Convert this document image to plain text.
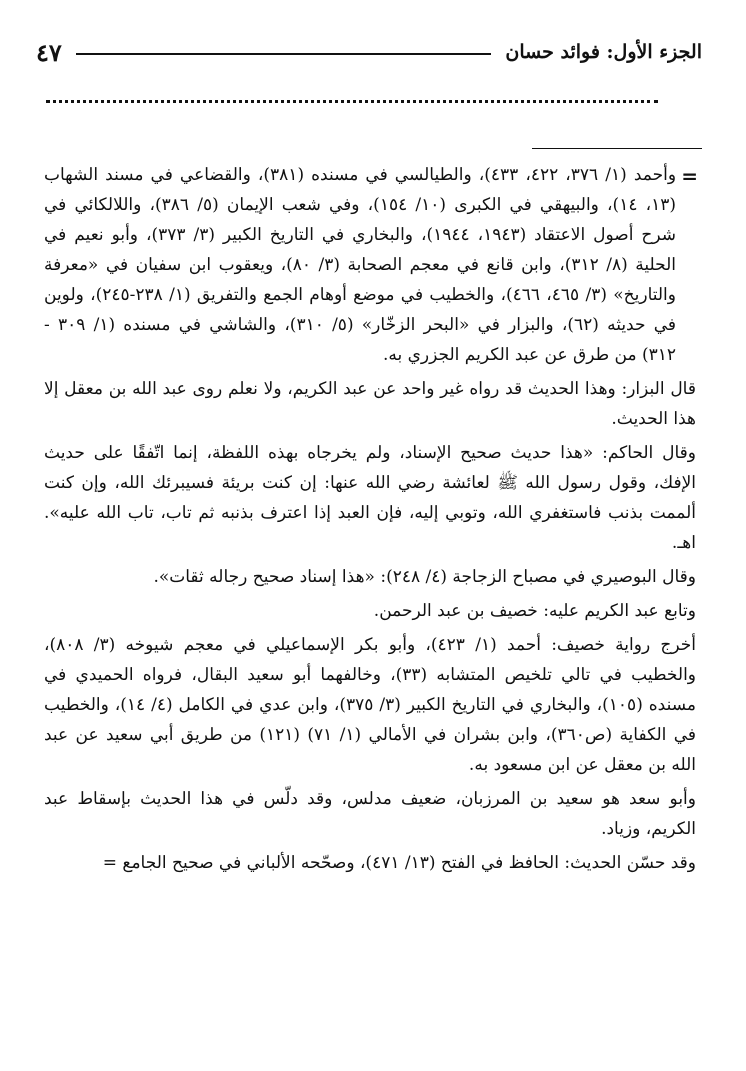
الجزء الأول: فوائد حسان
٤٧
=

وأحمد (١/ ٣٧٦، ٤٢٢، ٤٣٣)، والطيالسي في مسنده (٣٨١)، والقضاعي في مسند الشهاب (١٣، ١٤)، والبيهقي في الكبرى (١٠/ ١٥٤)، وفي شعب الإيمان (٥/ ٣٨٦)، واللالكائي في شرح أصول الاعتقاد (١٩٤٣، ١٩٤٤)، والبخاري في التاريخ الكبير (٣/ ٣٧٣)، وأبو نعيم في الحلية (٨/ ٣١٢)، وابن قانع في معجم الصحابة (٣/ ٨٠)، ويعقوب ابن سفيان في «معرفة والتاريخ» (٣/ ٤٦٥، ٤٦٦)، والخطيب في موضع أوهام الجمع والتفريق (١/ ٢٣٨-٢٤٥)، ولوين في حديثه (٦٢)، والبزار في «البحر الزخّار» (٥/ ٣١٠)، والشاشي في مسنده (١/ ٣٠٩ - ٣١٢) من طرق عن عبد الكريم الجزري به.

قال البزار: وهذا الحديث قد رواه غير واحد عن عبد الكريم، ولا نعلم روى عبد الله بن معقل إلا هذا الحديث.

وقال الحاكم: «هذا حديث صحيح الإسناد، ولم يخرجاه بهذه اللفظة، إنما اتّفقًا على حديث الإفك، وقول رسول الله ﷺ لعائشة رضي الله عنها: إن كنت بريئة فسيبرئك الله، وإن كنت ألممت بذنب فاستغفري الله، وتوبي إليه، فإن العبد إذا اعترف بذنبه ثم تاب، تاب الله عليه». اهـ.

وقال البوصيري في مصباح الزجاجة (٤/ ٢٤٨): «هذا إسناد صحيح رجاله ثقات».

وتابع عبد الكريم عليه: خصيف بن عبد الرحمن.

أخرج رواية خصيف: أحمد (١/ ٤٢٣)، وأبو بكر الإسماعيلي في معجم شيوخه (٣/ ٨٠٨)، والخطيب في تالي تلخيص المتشابه (٣٣)، وخالفهما أبو سعيد البقال، فرواه الحميدي في مسنده (١٠٥)، والبخاري في التاريخ الكبير (٣/ ٣٧٥)، وابن عدي في الكامل (٤/ ١٤)، والخطيب في الكفاية (ص٣٦٠)، وابن بشران في الأمالي (١/ ٧١) (١٢١) من طريق أبي سعيد عن عبد الله بن معقل عن ابن مسعود به.

وأبو سعد هو سعيد بن المرزبان، ضعيف مدلس، وقد دلّس في هذا الحديث بإسقاط عبد الكريم، وزياد.

وقد حسّن الحديث: الحافظ في الفتح (١٣/ ٤٧١)، وصحّحه الألباني في صحيح الجامع =
